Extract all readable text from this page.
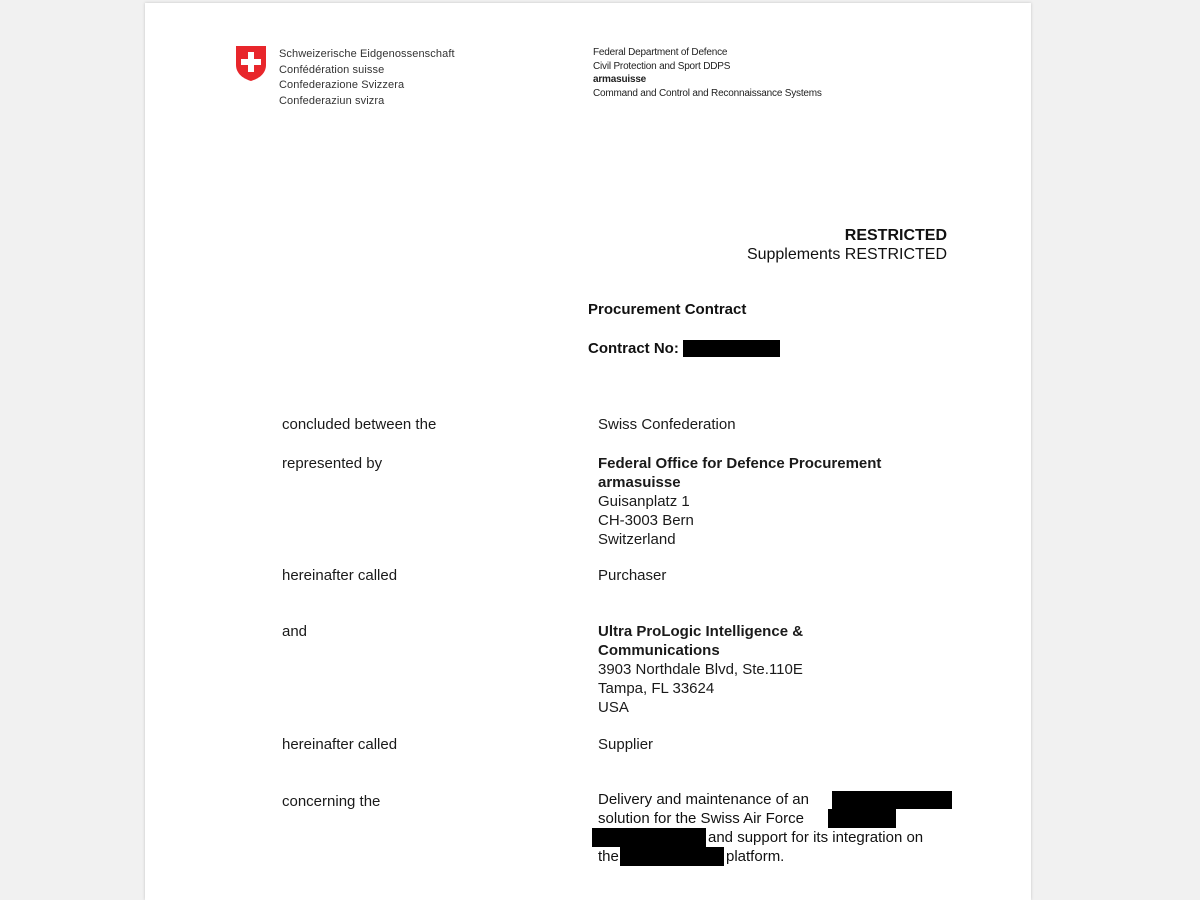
Schweizerische Eidgenossenschaft
Confédération suisse
Confederazione Svizzera
Confederaziun svizra
Federal Department of Defence
Civil Protection and Sport DDPS
armasuisse
Command and Control and Reconnaissance Systems
RESTRICTED
Supplements RESTRICTED
Procurement Contract
Contract No:
concluded between the	Swiss Confederation
represented by	Federal Office for Defence Procurement
armasuisse
Guisanplatz 1
CH-3003 Bern
Switzerland
hereinafter called	Purchaser
and	Ultra ProLogic Intelligence &
Communications
3903 Northdale Blvd, Ste.110E
Tampa, FL 33624
USA
hereinafter called	Supplier
concerning the	Delivery and maintenance of an
solution for the Swiss Air Force
and support for its integration on
the	platform.
